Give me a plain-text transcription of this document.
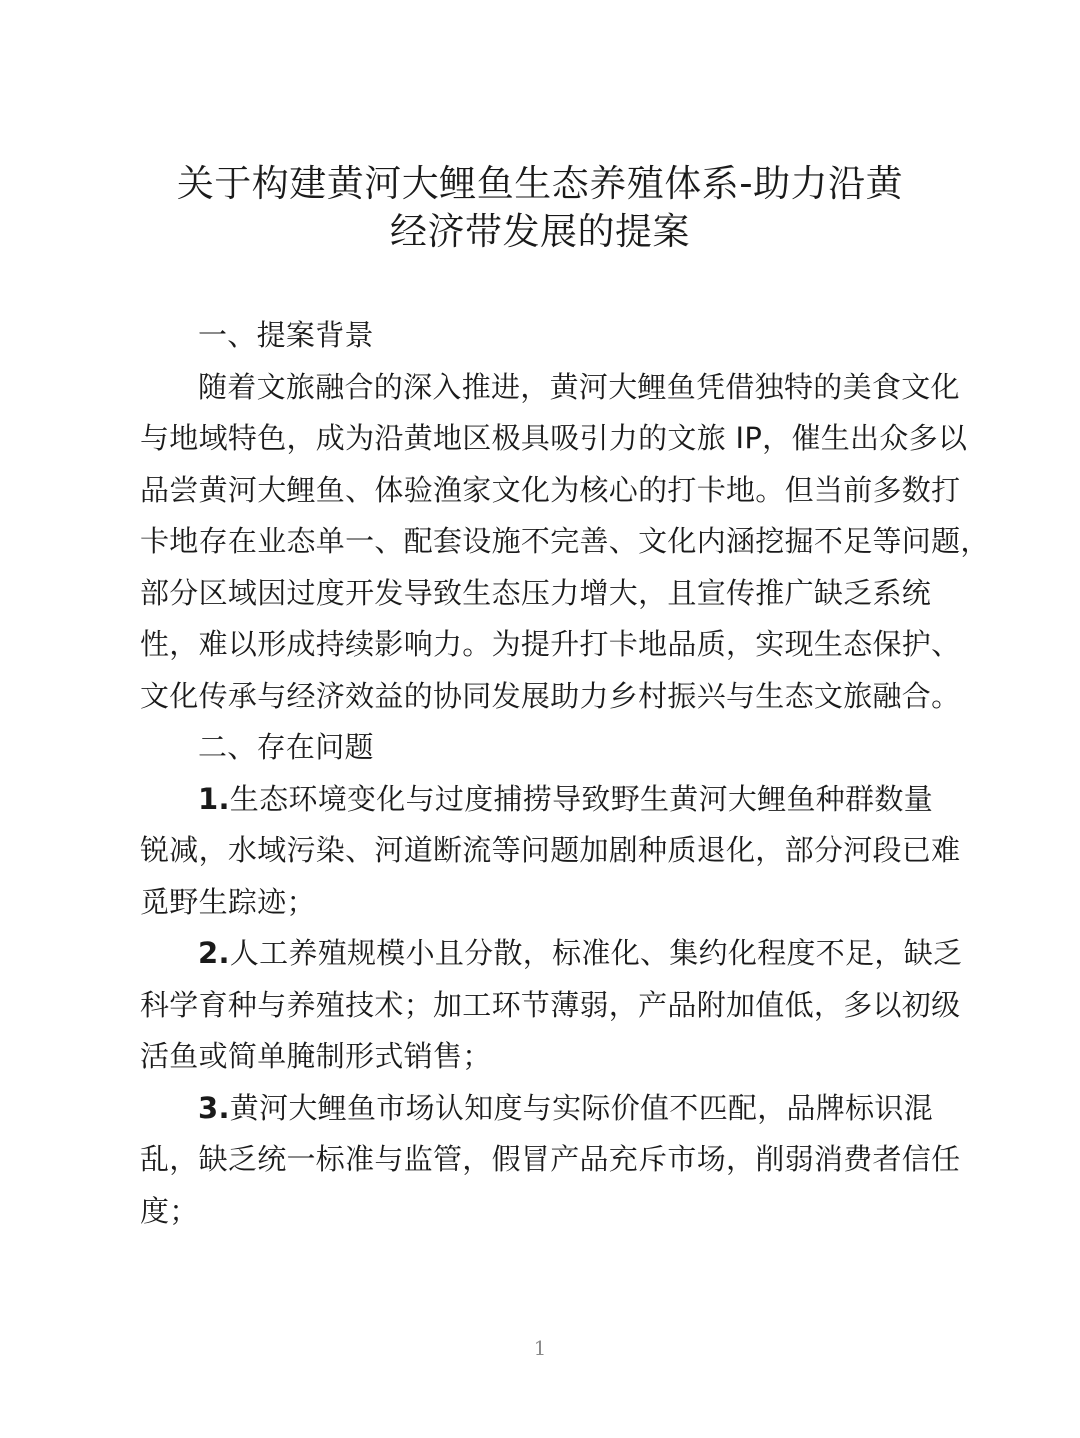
关于构建黄河大鲤鱼生态养殖体系-助力沿黄
经济带发展的提案
一、提案背景
随着文旅融合的深入推进，黄河大鲤鱼凭借独特的美食文化
与地域特色，成为沿黄地区极具吸引力的文旅 IP，催生出众多以
品尝黄河大鲤鱼、体验渔家文化为核心的打卡地。但当前多数打
卡地存在业态单一、配套设施不完善、文化内涵挖掘不足等问题，
部分区域因过度开发导致生态压力增大，且宣传推广缺乏系统
性，难以形成持续影响力。为提升打卡地品质，实现生态保护、
文化传承与经济效益的协同发展助力乡村振兴与生态文旅融合。
二、存在问题
1.生态环境变化与过度捕捞导致野生黄河大鲤鱼种群数量
锐减，水域污染、河道断流等问题加剧种质退化，部分河段已难
觅野生踪迹；
2.人工养殖规模小且分散，标准化、集约化程度不足，缺乏
科学育种与养殖技术；加工环节薄弱，产品附加值低，多以初级
活鱼或简单腌制形式销售；
3.黄河大鲤鱼市场认知度与实际价值不匹配，品牌标识混
乱，缺乏统一标准与监管，假冒产品充斥市场，削弱消费者信任
度；
1
